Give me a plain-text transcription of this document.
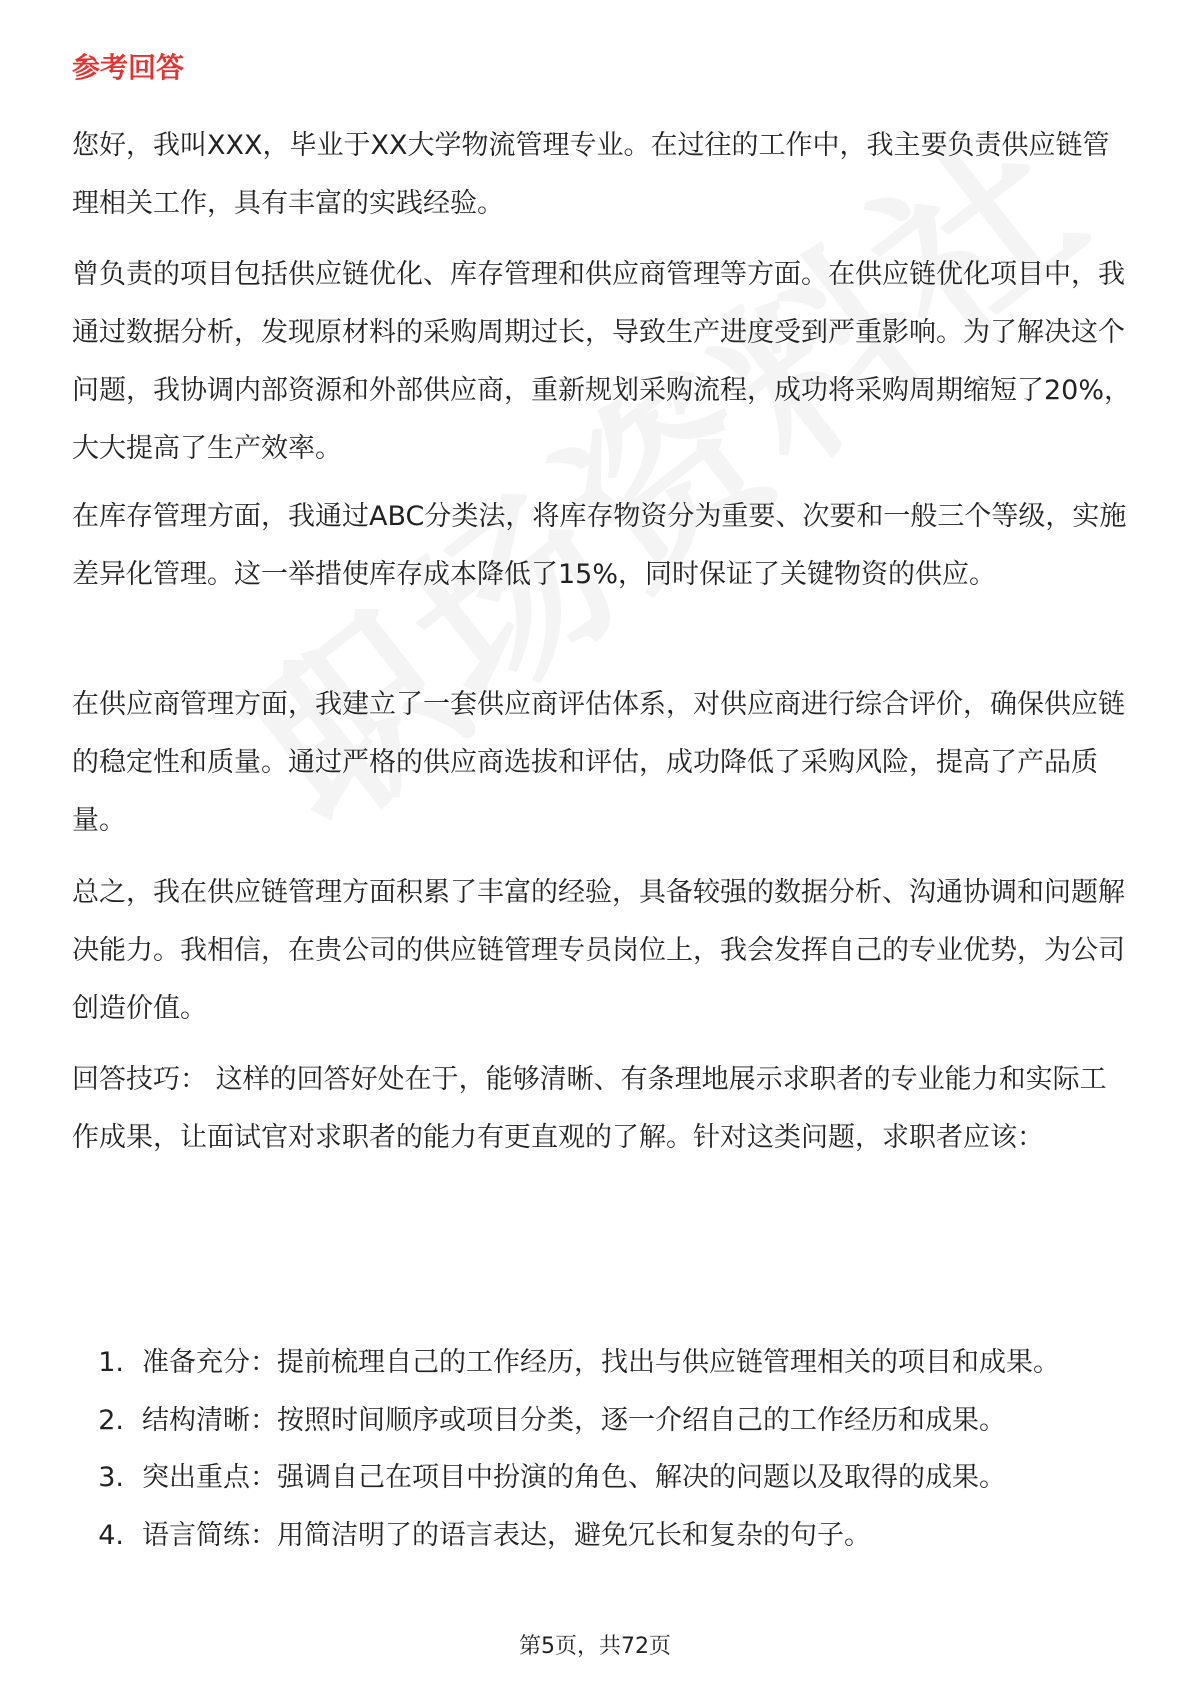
参考回答

您好，我叫XXX，毕业于XX大学物流管理专业。在过往的工作中，我主要负责供应链管理相关工作，具有丰富的实践经验。

曾负责的项目包括供应链优化、库存管理和供应商管理等方面。在供应链优化项目中，我通过数据分析，发现原材料的采购周期过长，导致生产进度受到严重影响。为了解决这个问题，我协调内部资源和外部供应商，重新规划采购流程，成功将采购周期缩短了20%，大大提高了生产效率。

在库存管理方面，我通过ABC分类法，将库存物资分为重要、次要和一般三个等级，实施差异化管理。这一举措使库存成本降低了15%，同时保证了关键物资的供应。

在供应商管理方面，我建立了一套供应商评估体系，对供应商进行综合评价，确保供应链的稳定性和质量。通过严格的供应商选拔和评估，成功降低了采购风险，提高了产品质量。

总之，我在供应链管理方面积累了丰富的经验，具备较强的数据分析、沟通协调和问题解决能力。我相信，在贵公司的供应链管理专员岗位上，我会发挥自己的专业优势，为公司创造价值。

回答技巧： 这样的回答好处在于，能够清晰、有条理地展示求职者的专业能力和实际工作成果，让面试官对求职者的能力有更直观的了解。针对这类问题，求职者应该：

1. 准备充分：提前梳理自己的工作经历，找出与供应链管理相关的项目和成果。
2. 结构清晰：按照时间顺序或项目分类，逐一介绍自己的工作经历和成果。
3. 突出重点：强调自己在项目中扮演的角色、解决的问题以及取得的成果。
4. 语言简练：用简洁明了的语言表达，避免冗长和复杂的句子。
第5页，共72页
